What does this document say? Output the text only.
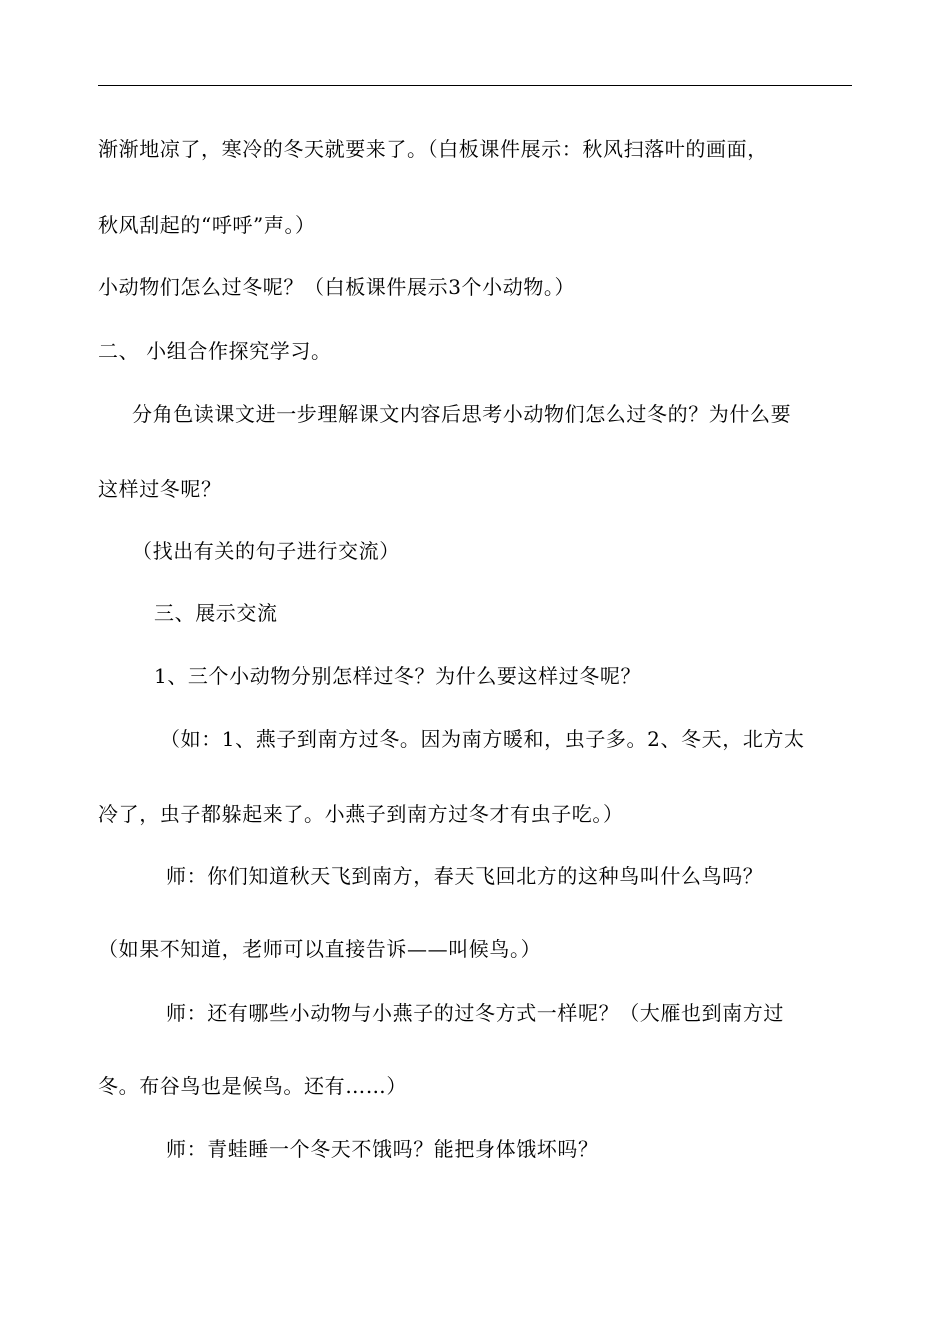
渐渐地凉了，寒冷的冬天就要来了。（白板课件展示：秋风扫落叶的画面，
秋风刮起的“呼呼”声。）
小动物们怎么过冬呢？（白板课件展示3个小动物。）
二、 小组合作探究学习。
分角色读课文进一步理解课文内容后思考小动物们怎么过冬的？为什么要
这样过冬呢？
（找出有关的句子进行交流）
三、展示交流
1、三个小动物分别怎样过冬？为什么要这样过冬呢？
（如：1、燕子到南方过冬。因为南方暖和，虫子多。2、冬天，北方太
冷了，虫子都躲起来了。小燕子到南方过冬才有虫子吃。）
师：你们知道秋天飞到南方，春天飞回北方的这种鸟叫什么鸟吗？
（如果不知道，老师可以直接告诉——叫候鸟。）
师：还有哪些小动物与小燕子的过冬方式一样呢？（大雁也到南方过
冬。布谷鸟也是候鸟。还有……）
师：青蛙睡一个冬天不饿吗？能把身体饿坏吗？
